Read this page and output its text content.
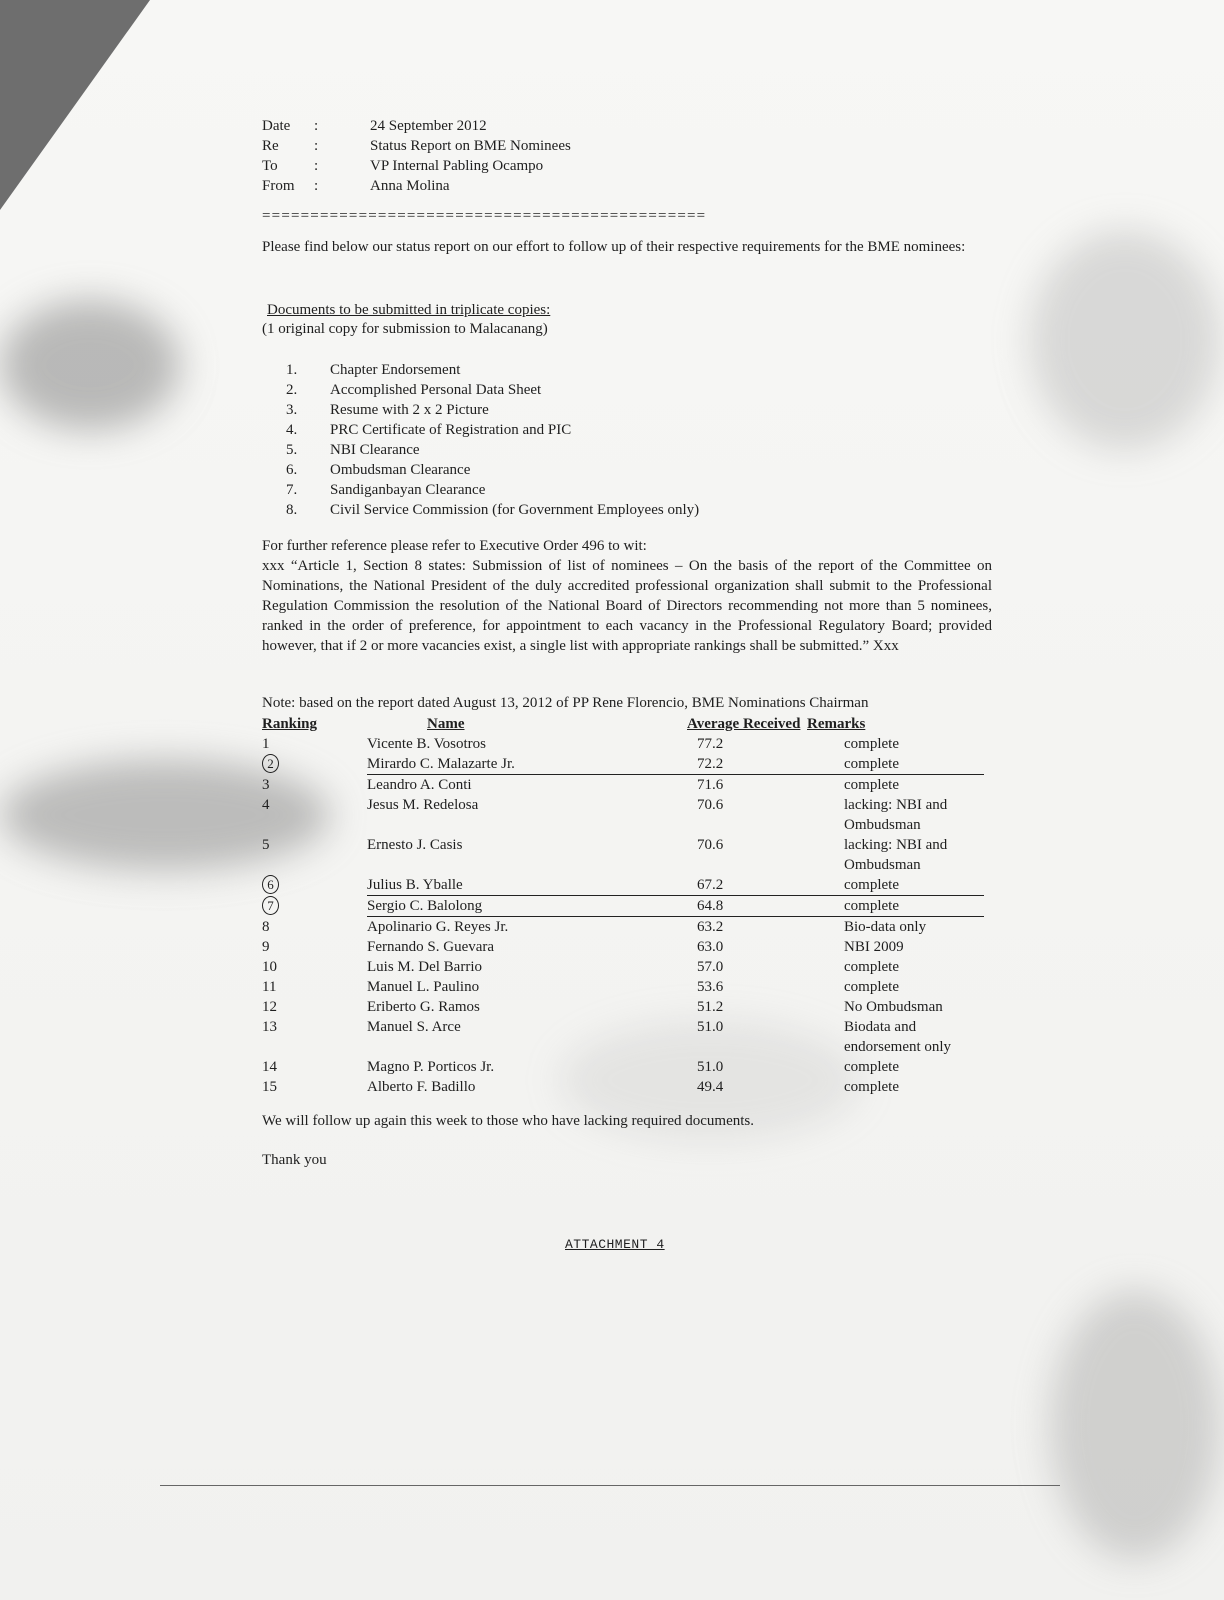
Date	:	24 September 2012
Re	:	Status Report on BME Nominees
To	:	VP Internal Pabling Ocampo
From	:	Anna Molina
==============================================
Please find below our status report on our effort to follow up of their respective requirements for the BME nominees:
Documents to be submitted in triplicate copies:
(1 original copy for submission to Malacanang)
1.	Chapter Endorsement
2.	Accomplished Personal Data Sheet
3.	Resume with 2 x 2 Picture
4.	PRC Certificate of Registration and PIC
5.	NBI Clearance
6.	Ombudsman Clearance
7.	Sandiganbayan Clearance
8.	Civil Service Commission (for Government Employees only)
For further reference please refer to Executive Order 496 to wit:
xxx “Article 1, Section 8 states: Submission of list of nominees – On the basis of the report of the Committee on Nominations, the National President of the duly accredited professional organization shall submit to the Professional Regulation Commission the resolution of the National Board of Directors recommending not more than 5 nominees, ranked in the order of preference, for appointment to each vacancy in the Professional Regulatory Board; provided however, that if 2 or more vacancies exist, a single list with appropriate rankings shall be submitted.” Xxx
Note: based on the report dated August 13, 2012 of PP Rene Florencio, BME Nominations Chairman
Ranking	Name	Average Received	Remarks
1	Vicente B. Vosotros	77.2	complete
2	Mirardo C. Malazarte Jr.	72.2	complete
3	Leandro A. Conti	71.6	complete
4	Jesus M. Redelosa	70.6	lacking: NBI and Ombudsman
5	Ernesto J. Casis	70.6	lacking: NBI and Ombudsman
6	Julius B. Yballe	67.2	complete
7	Sergio C. Balolong	64.8	complete
8	Apolinario G. Reyes Jr.	63.2	Bio-data only
9	Fernando S. Guevara	63.0	NBI 2009
10	Luis M. Del Barrio	57.0	complete
11	Manuel L. Paulino	53.6	complete
12	Eriberto G. Ramos	51.2	No Ombudsman
13	Manuel S. Arce	51.0	Biodata and endorsement only
14	Magno P. Porticos Jr.	51.0	complete
15	Alberto F. Badillo	49.4	complete
We will follow up again this week to those who have lacking required documents.
Thank you
ATTACHMENT 4
